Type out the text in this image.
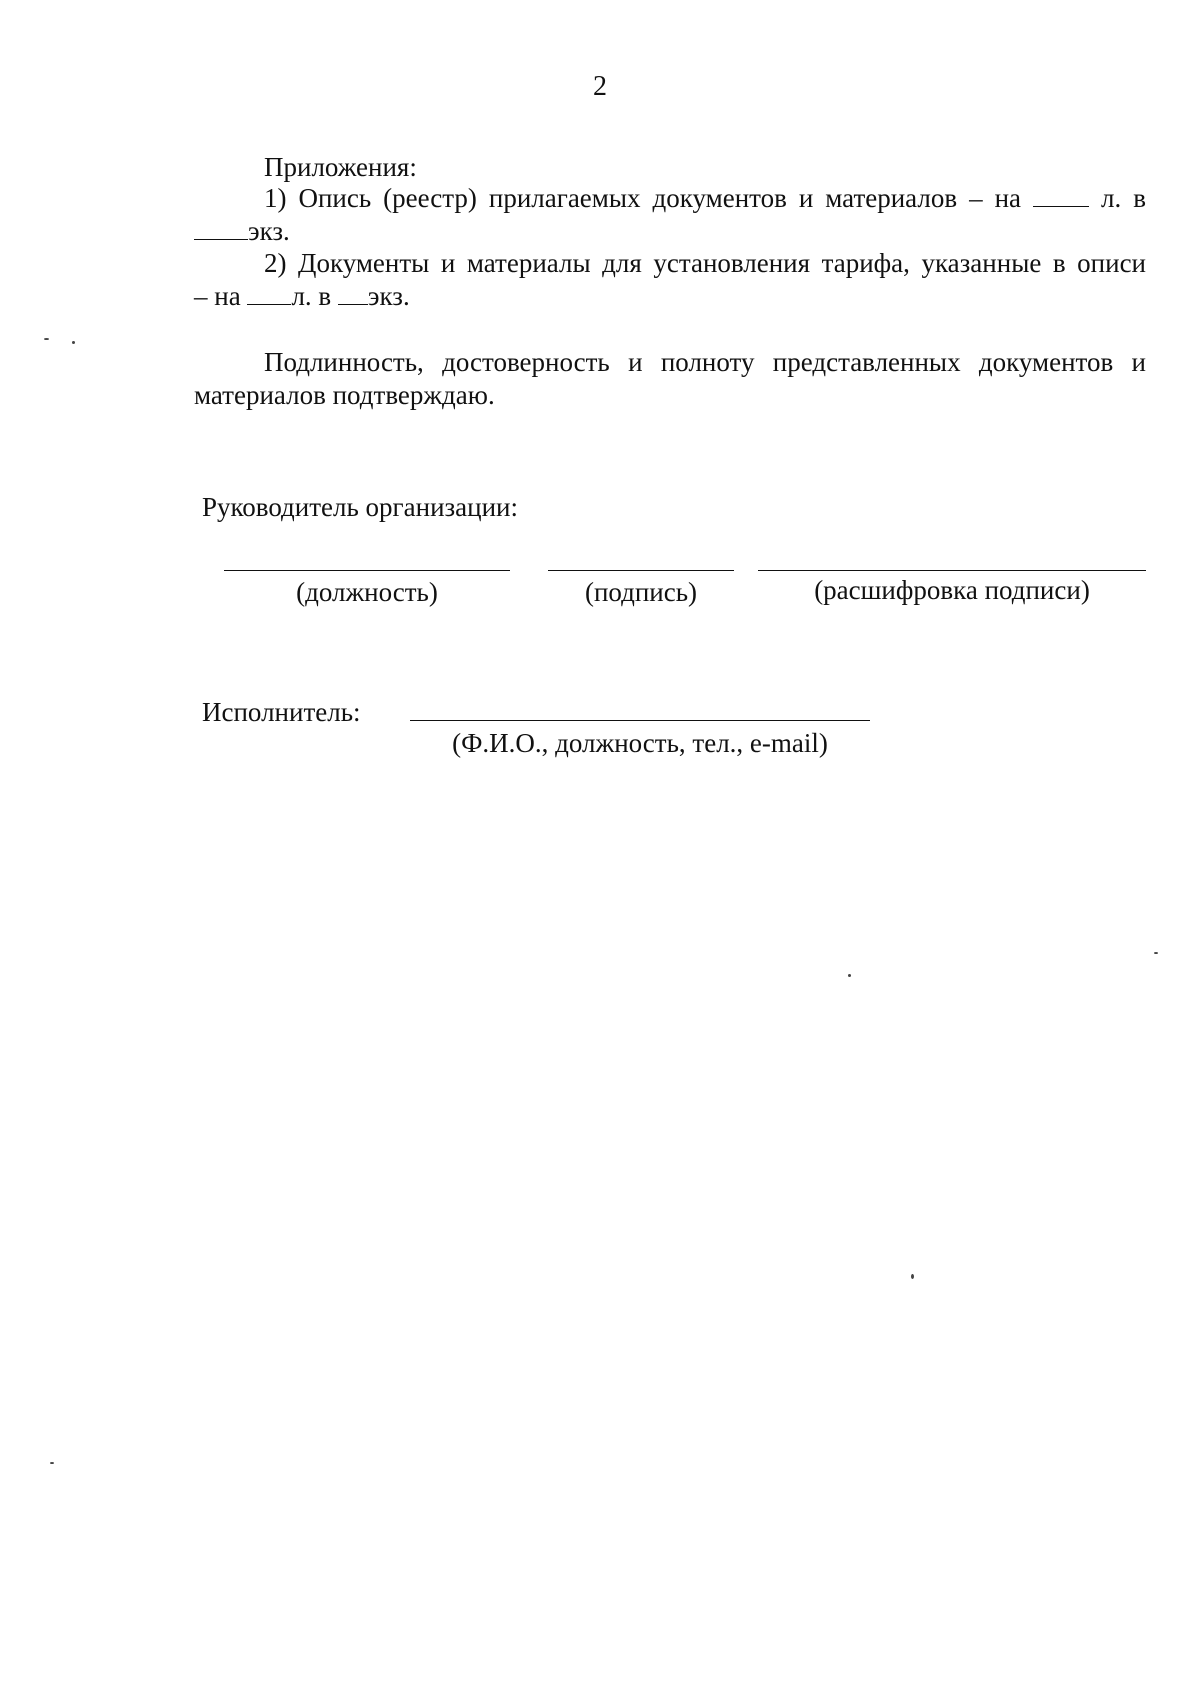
2
Приложения:
1) Опись (реестр) прилагаемых документов и материалов – на	л. в
экз.
2) Документы и материалы для установления тарифа, указанные в описи
– на л. в экз.
Подлинность, достоверность и полноту представленных документов и
материалов подтверждаю.
Руководитель организации:
(должность)	(подпись)	(расшифровка подписи)
Исполнитель:
(Ф.И.О., должность, тел., e-mail)
